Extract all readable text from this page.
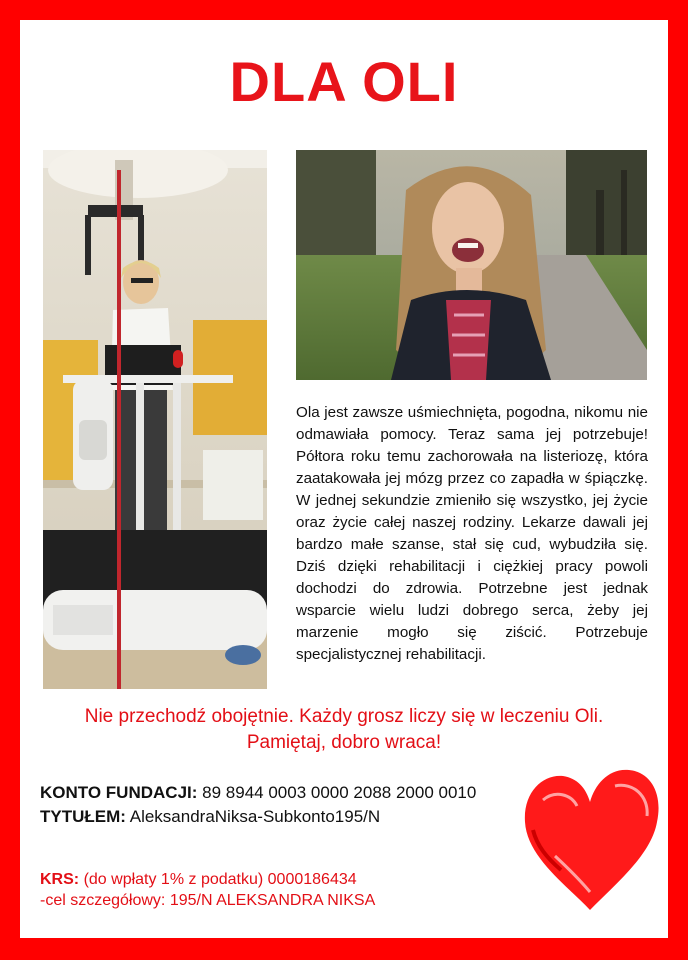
DLA OLI
Ola jest zawsze uśmiechnięta, pogodna, nikomu nie odmawiała pomocy. Teraz sama jej potrzebuje! Półtora roku temu zachorowała na listeriozę, która zaatakowała jej mózg przez co zapadła w śpiączkę. W jednej sekundzie zmieniło się wszystko, jej życie oraz życie całej naszej rodziny. Lekarze dawali jej bardzo małe szanse, stał się cud, wybudziła się. Dziś dzięki rehabilitacji i ciężkiej pracy powoli dochodzi do zdrowia. Potrzebne jest jednak wsparcie wielu ludzi dobrego serca, żeby jej marzenie mogło się ziścić. Potrzebuje specjalistycznej rehabilitacji.
Nie przechodź obojętnie. Każdy grosz liczy się w leczeniu Oli.
Pamiętaj, dobro wraca!
KONTO FUNDACJI: 89 8944 0003 0000 2088 2000 0010
TYTUŁEM: AleksandraNiksa-Subkonto195/N
KRS: (do wpłaty 1% z podatku) 0000186434
-cel szczegółowy: 195/N ALEKSANDRA NIKSA
